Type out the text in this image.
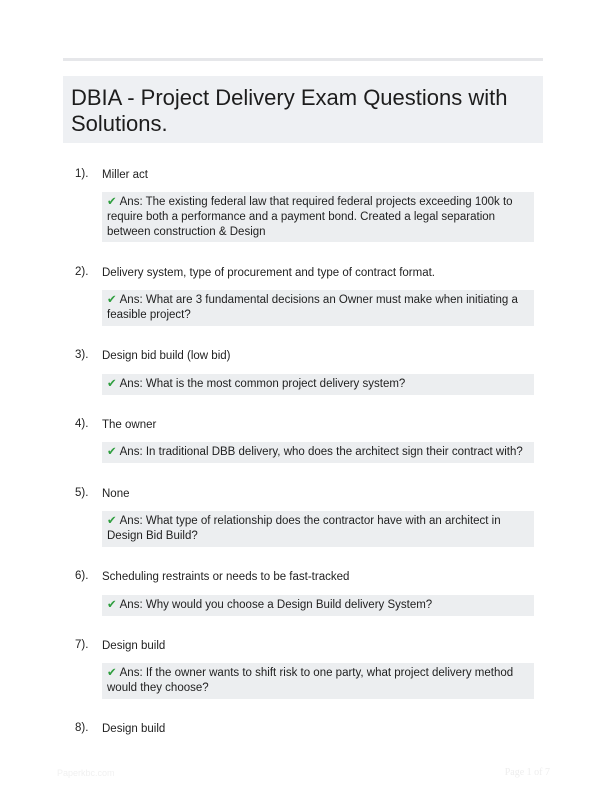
DBIA - Project Delivery Exam Questions with Solutions.
1). Miller act
✔ Ans: The existing federal law that required federal projects exceeding 100k to require both a performance and a payment bond. Created a legal separation between construction & Design
2). Delivery system, type of procurement and type of contract format.
✔ Ans: What are 3 fundamental decisions an Owner must make when initiating a feasible project?
3). Design bid build (low bid)
✔ Ans: What is the most common project delivery system?
4). The owner
✔ Ans: In traditional DBB delivery, who does the architect sign their contract with?
5). None
✔ Ans: What type of relationship does the contractor have with an architect in Design Bid Build?
6). Scheduling restraints or needs to be fast-tracked
✔ Ans: Why would you choose a Design Build delivery System?
7). Design build
✔ Ans: If the owner wants to shift risk to one party, what project delivery method would they choose?
8). Design build
Paperkbc.com	Page 1 of 7
